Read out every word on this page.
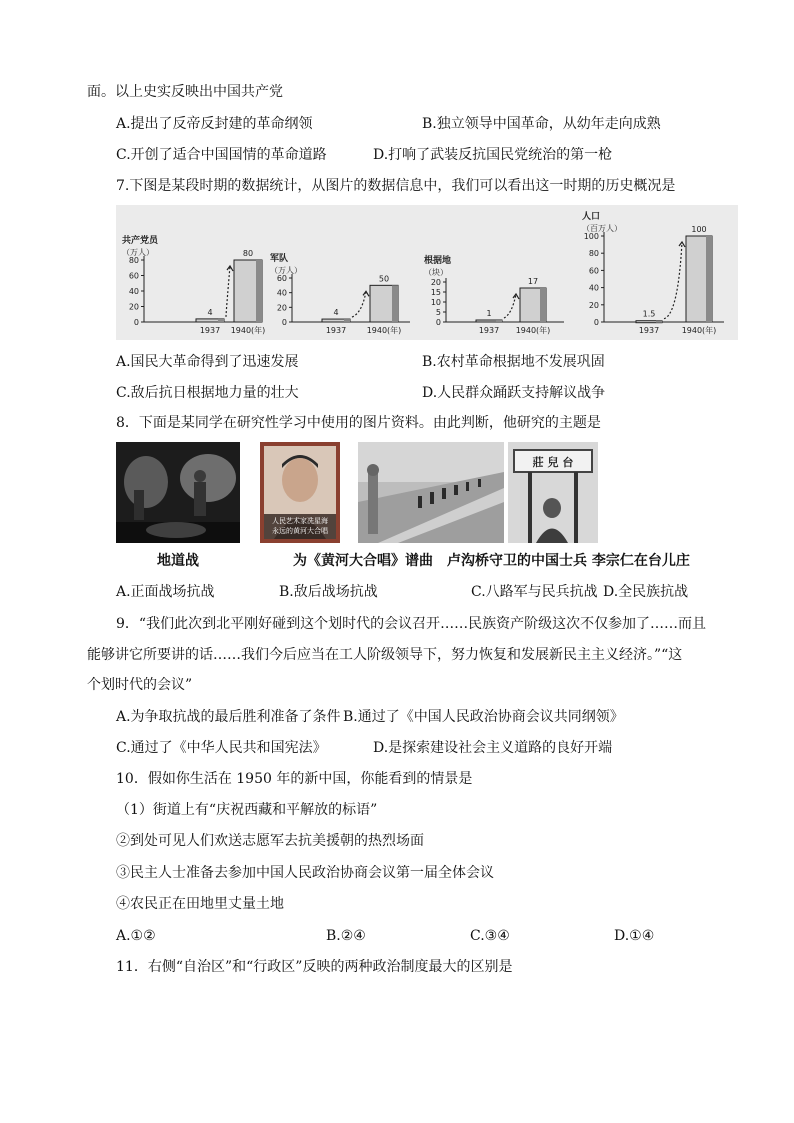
面。以上史实反映出中国共产党
A.提出了反帝反封建的革命纲领	B.独立领导中国革命，从幼年走向成熟
C.开创了适合中国国情的革命道路	D.打响了武装反抗国民党统治的第一枪
7.下图是某段时期的数据统计，从图片的数据信息中，我们可以看出这一时期的历史概况是
共产党员
（万人）
0
20
40
60
80
4
1937
80
1940(年)
军队
（万人）
0
20
40
60
4
1937
50
1940(年)
根据地
（块）
0
5
10
15
20
1
1937
17
1940(年)
人口
（百万人）
0
20
40
60
80
100
1.5
1937
100
1940(年)
A.国民大革命得到了迅速发展	B.农村革命根据地不发展巩固
C.敌后抗日根据地力量的壮大	D.人民群众踊跃支持解议战争
8．下面是某同学在研究性学习中使用的图片资料。由此判断，他研究的主题是
人民艺术家冼星海
永远的黄河大合唱
莊 兒 台
地道战	为《黄河大合唱》谱曲　卢沟桥守卫的中国士兵 李宗仁在台儿庄
A.正面战场抗战	B.敌后战场抗战	C.八路军与民兵抗战 D.全民族抗战
9．“我们此次到北平刚好碰到这个划时代的会议召开……民族资产阶级这次不仅参加了……而且
能够讲它所要讲的话……我们今后应当在工人阶级领导下，努力恢复和发展新民主主义经济。”“这
个划时代的会议”
A.为争取抗战的最后胜利准备了条件 B.通过了《中国人民政治协商会议共同纲领》
C.通过了《中华人民共和国宪法》	D.是探索建设社会主义道路的良好开端
10．假如你生活在 1950 年的新中国，你能看到的情景是
（1）街道上有“庆祝西藏和平解放的标语”
②到处可见人们欢送志愿军去抗美援朝的热烈场面
③民主人士准备去参加中国人民政治协商会议第一届全体会议
④农民正在田地里丈量土地
A.①②	B.②④	C.③④	D.①④
11．右侧“自治区”和“行政区”反映的两种政治制度最大的区别是
